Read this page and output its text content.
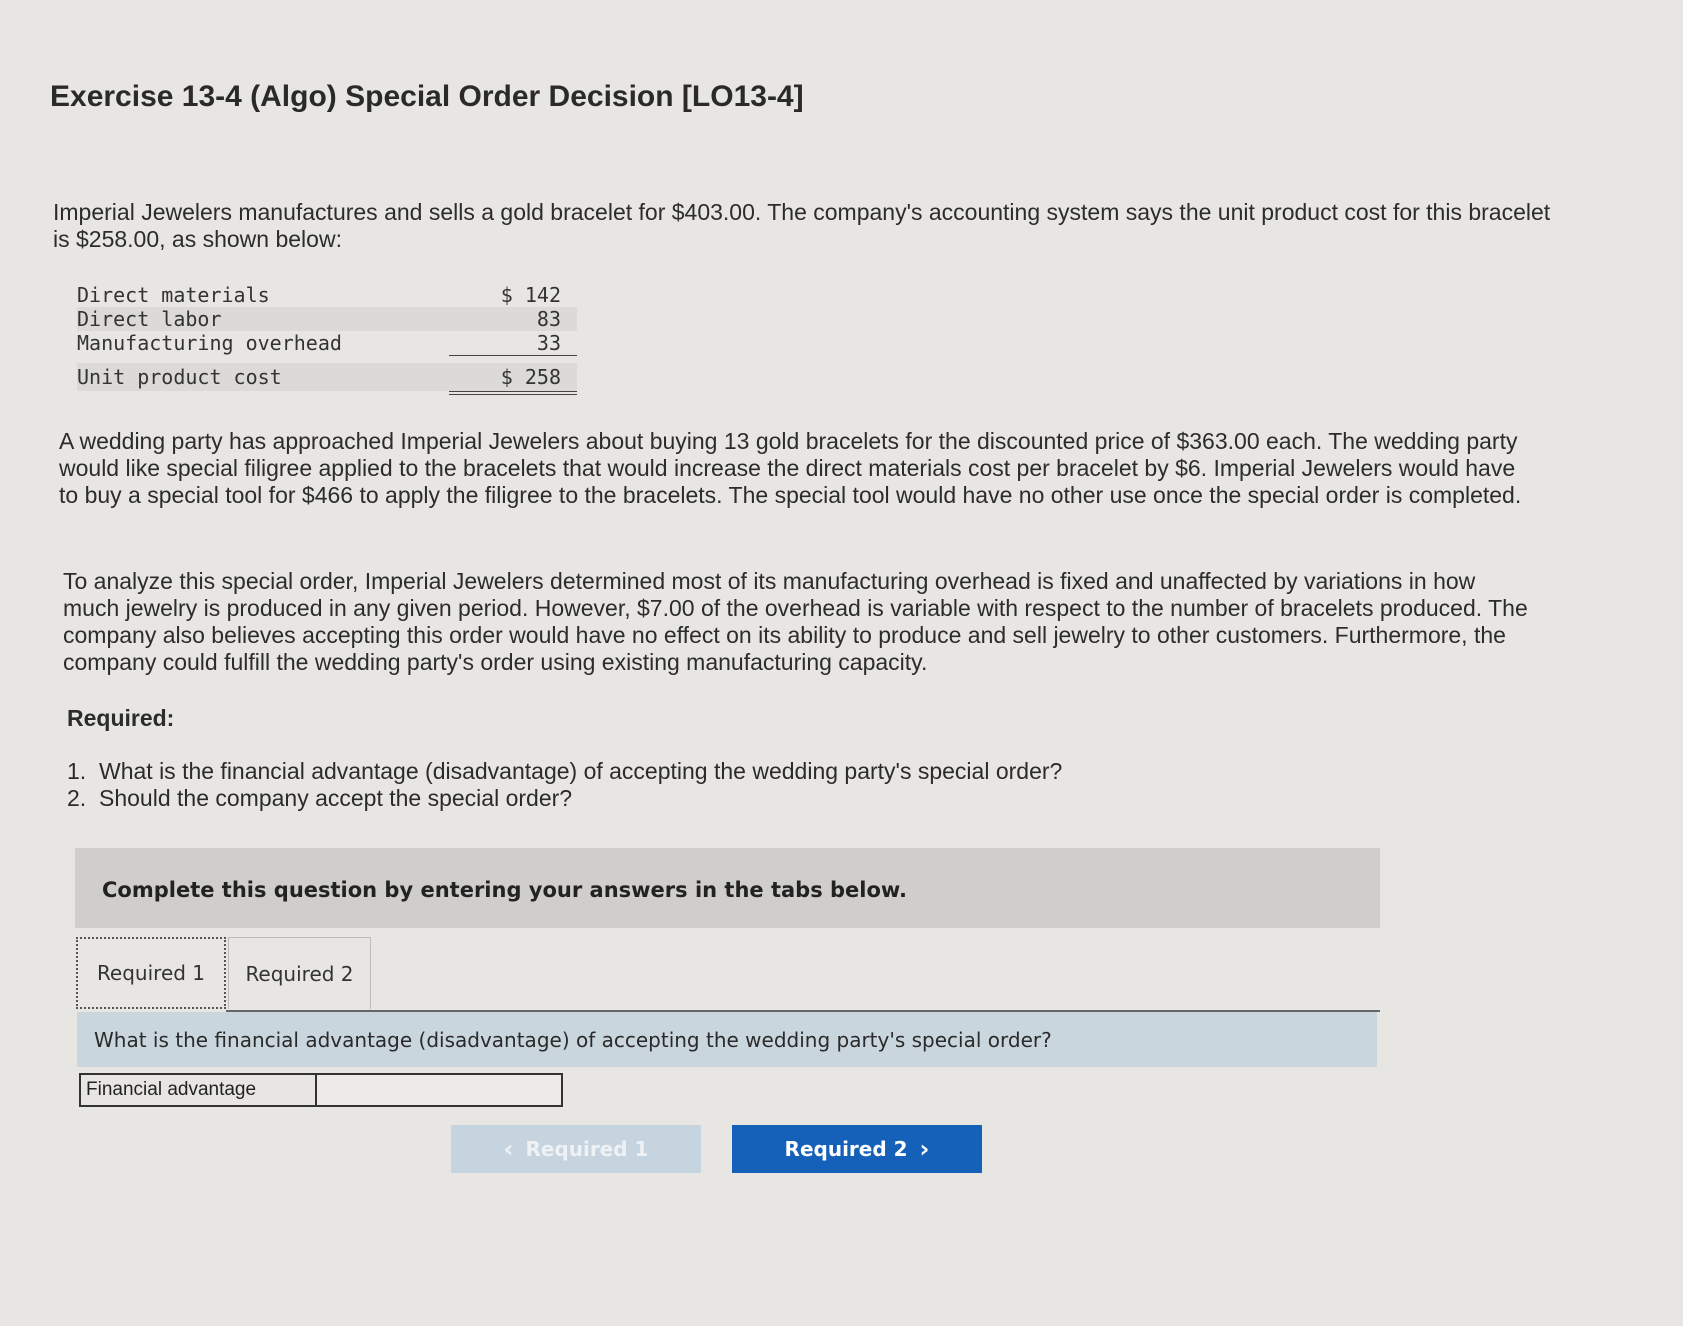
Exercise 13-4 (Algo) Special Order Decision [LO13-4]

Imperial Jewelers manufactures and sells a gold bracelet for $403.00. The company's accounting system says the unit product cost for this bracelet is $258.00, as shown below:

Direct materials	$ 142
Direct labor	83
Manufacturing overhead	33
Unit product cost	$ 258

A wedding party has approached Imperial Jewelers about buying 13 gold bracelets for the discounted price of $363.00 each. The wedding party would like special filigree applied to the bracelets that would increase the direct materials cost per bracelet by $6. Imperial Jewelers would have to buy a special tool for $466 to apply the filigree to the bracelets. The special tool would have no other use once the special order is completed.

To analyze this special order, Imperial Jewelers determined most of its manufacturing overhead is fixed and unaffected by variations in how much jewelry is produced in any given period. However, $7.00 of the overhead is variable with respect to the number of bracelets produced. The company also believes accepting this order would have no effect on its ability to produce and sell jewelry to other customers. Furthermore, the company could fulfill the wedding party's order using existing manufacturing capacity.

Required:
1. What is the financial advantage (disadvantage) of accepting the wedding party's special order?
2. Should the company accept the special order?
Complete this question by entering your answers in the tabs below.
Required 1	Required 2
What is the financial advantage (disadvantage) of accepting the wedding party's special order?
Financial advantage
‹ Required 1	Required 2 ›
